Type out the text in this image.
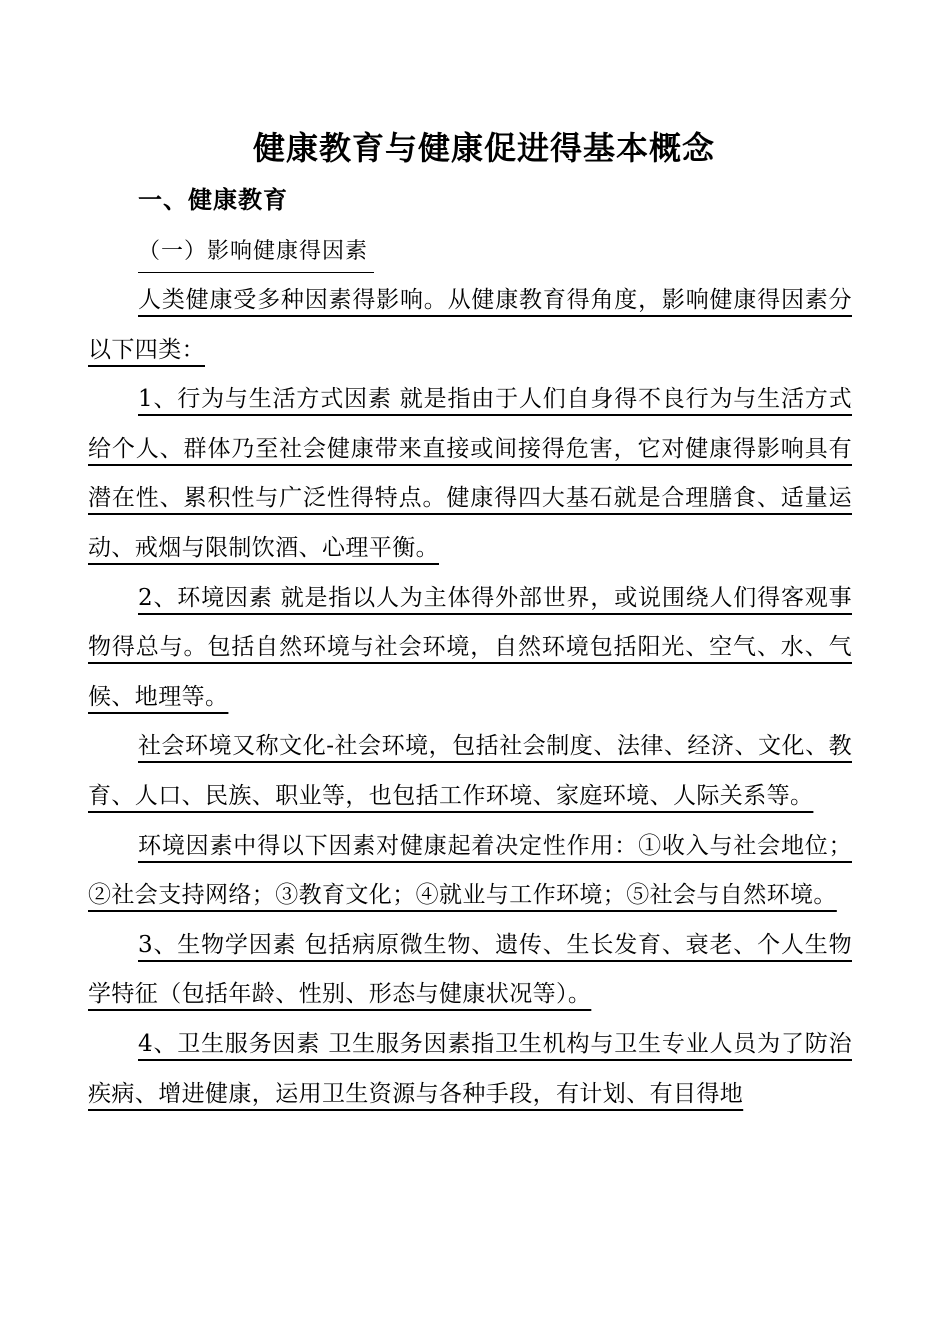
健康教育与健康促进得基本概念
一、健康教育
（一）影响健康得因素

人类健康受多种因素得影响。从健康教育得角度，影响健康得因素分以下四类：

1、行为与生活方式因素 就是指由于人们自身得不良行为与生活方式给个人、群体乃至社会健康带来直接或间接得危害，它对健康得影响具有潜在性、累积性与广泛性得特点。健康得四大基石就是合理膳食、适量运动、戒烟与限制饮酒、心理平衡。

2、环境因素 就是指以人为主体得外部世界，或说围绕人们得客观事物得总与。包括自然环境与社会环境，自然环境包括阳光、空气、水、气候、地理等。

社会环境又称文化-社会环境，包括社会制度、法律、经济、文化、教育、人口、民族、职业等，也包括工作环境、家庭环境、人际关系等。

环境因素中得以下因素对健康起着决定性作用：①收入与社会地位；②社会支持网络；③教育文化；④就业与工作环境；⑤社会与自然环境。

3、生物学因素 包括病原微生物、遗传、生长发育、衰老、个人生物学特征（包括年龄、性别、形态与健康状况等）。

4、卫生服务因素 卫生服务因素指卫生机构与卫生专业人员为了防治疾病、增进健康，运用卫生资源与各种手段，有计划、有目得地
